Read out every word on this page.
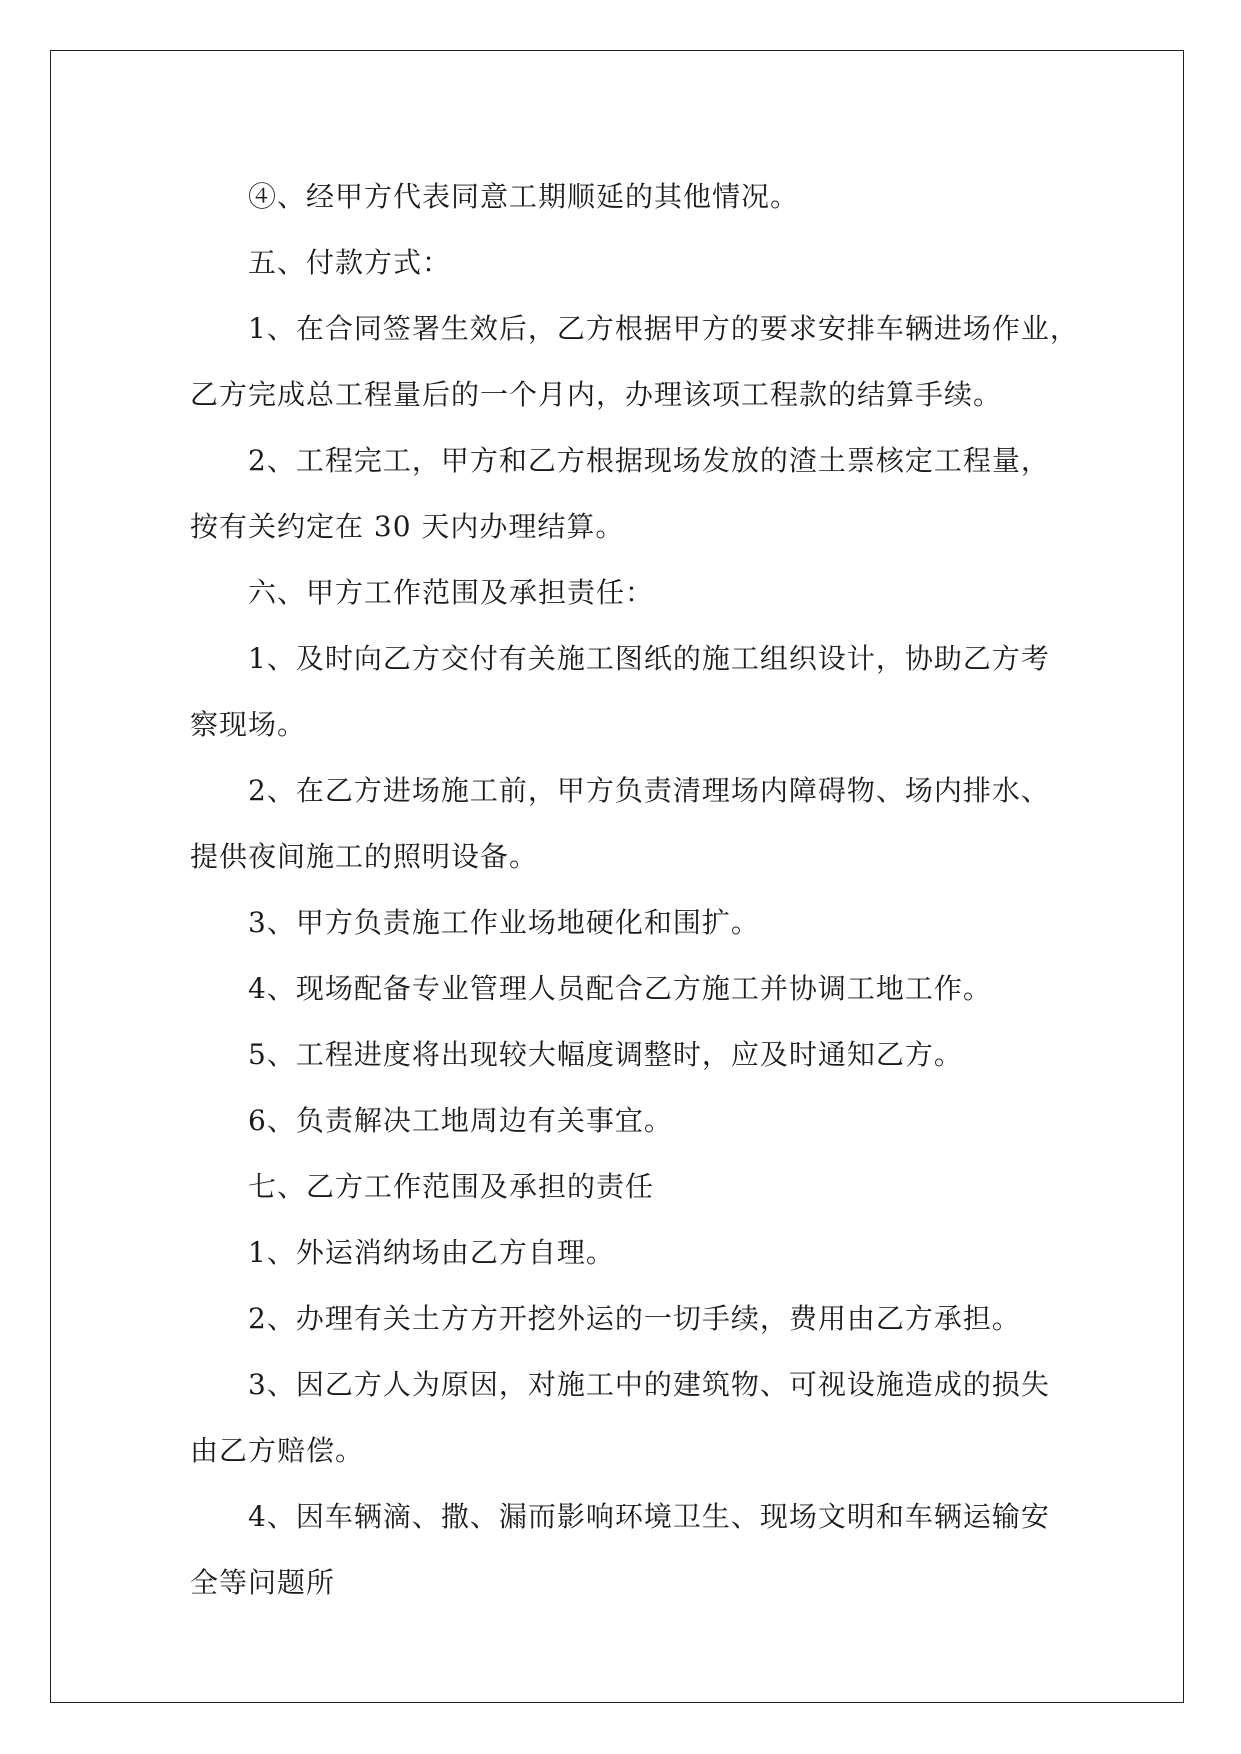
④、经甲方代表同意工期顺延的其他情况。
五、付款方式：
1、在合同签署生效后，乙方根据甲方的要求安排车辆进场作业，
乙方完成总工程量后的一个月内，办理该项工程款的结算手续。
2、工程完工，甲方和乙方根据现场发放的渣土票核定工程量，
按有关约定在 30 天内办理结算。
六、甲方工作范围及承担责任：
1、及时向乙方交付有关施工图纸的施工组织设计，协助乙方考
察现场。
2、在乙方进场施工前，甲方负责清理场内障碍物、场内排水、
提供夜间施工的照明设备。
3、甲方负责施工作业场地硬化和围扩。
4、现场配备专业管理人员配合乙方施工并协调工地工作。
5、工程进度将出现较大幅度调整时，应及时通知乙方。
6、负责解决工地周边有关事宜。
七、乙方工作范围及承担的责任
1、外运消纳场由乙方自理。
2、办理有关土方方开挖外运的一切手续，费用由乙方承担。
3、因乙方人为原因，对施工中的建筑物、可视设施造成的损失
由乙方赔偿。
4、因车辆滴、撒、漏而影响环境卫生、现场文明和车辆运输安
全等问题所
